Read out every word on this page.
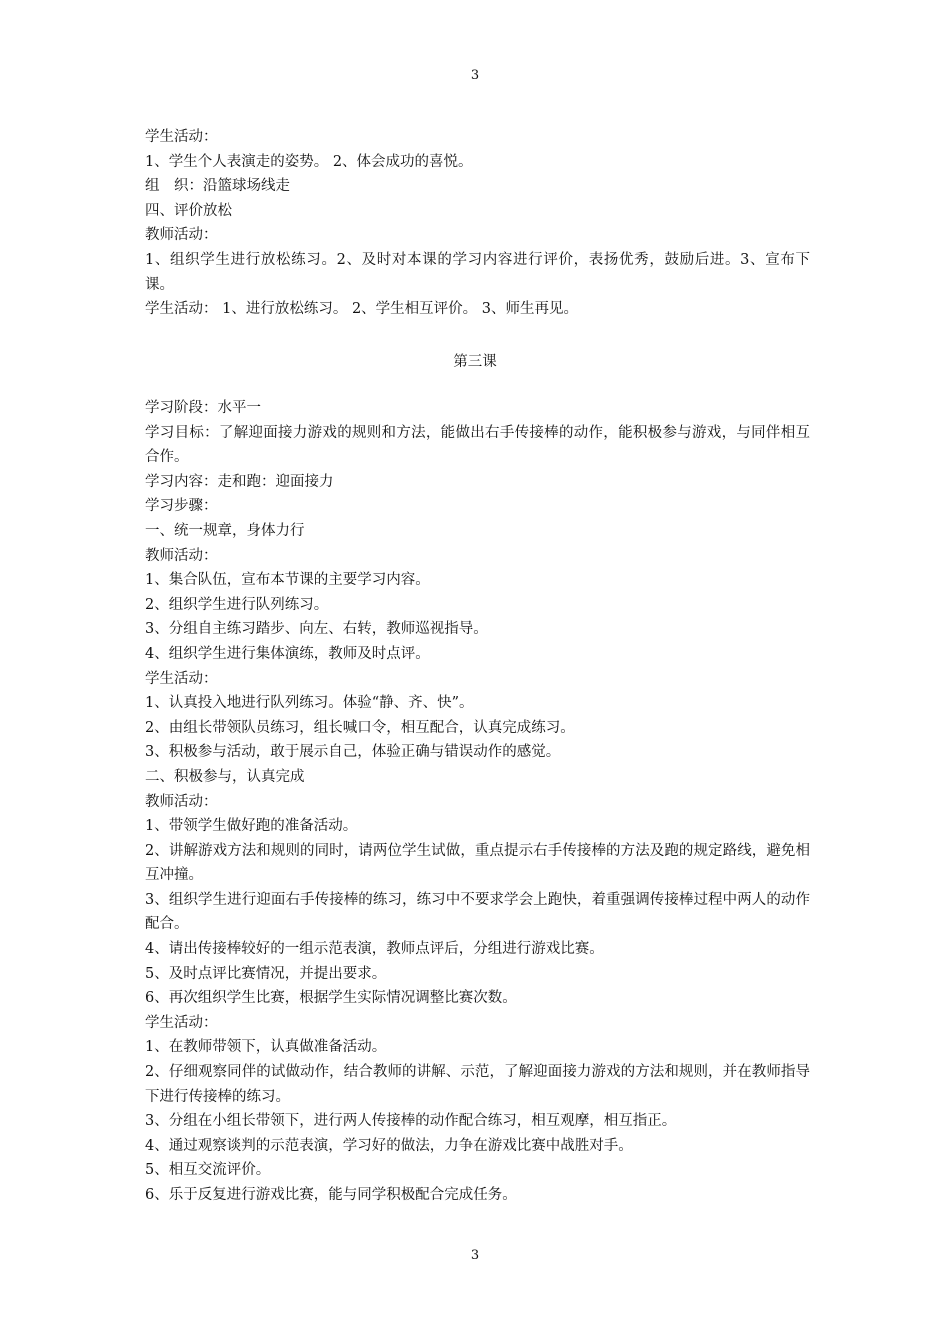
3

学生活动：

1、学生个人表演走的姿势。 2、体会成功的喜悦。

组　织：沿篮球场线走

四、评价放松

教师活动：

1、组织学生进行放松练习。2、及时对本课的学习内容进行评价，表扬优秀，鼓励后进。3、宣布下课。

学生活动： 1、进行放松练习。 2、学生相互评价。 3、师生再见。

第三课

学习阶段：水平一

学习目标：了解迎面接力游戏的规则和方法，能做出右手传接棒的动作，能积极参与游戏，与同伴相互合作。

学习内容：走和跑：迎面接力

学习步骤：

一、统一规章，身体力行

教师活动：

1、集合队伍，宣布本节课的主要学习内容。

2、组织学生进行队列练习。

3、分组自主练习踏步、向左、右转，教师巡视指导。

4、组织学生进行集体演练，教师及时点评。

学生活动：

1、认真投入地进行队列练习。体验“静、齐、快”。

2、由组长带领队员练习，组长喊口令，相互配合，认真完成练习。

3、积极参与活动，敢于展示自己，体验正确与错误动作的感觉。

二、积极参与，认真完成

教师活动：

1、带领学生做好跑的准备活动。

2、讲解游戏方法和规则的同时，请两位学生试做，重点提示右手传接棒的方法及跑的规定路线，避免相互冲撞。

3、组织学生进行迎面右手传接棒的练习，练习中不要求学会上跑快，着重强调传接棒过程中两人的动作配合。

4、请出传接棒较好的一组示范表演，教师点评后，分组进行游戏比赛。

5、及时点评比赛情况，并提出要求。

6、再次组织学生比赛，根据学生实际情况调整比赛次数。

学生活动：

1、在教师带领下，认真做准备活动。

2、仔细观察同伴的试做动作，结合教师的讲解、示范，了解迎面接力游戏的方法和规则，并在教师指导下进行传接棒的练习。

3、分组在小组长带领下，进行两人传接棒的动作配合练习，相互观摩，相互指正。

4、通过观察谈判的示范表演，学习好的做法，力争在游戏比赛中战胜对手。

5、相互交流评价。

6、乐于反复进行游戏比赛，能与同学积极配合完成任务。

3
